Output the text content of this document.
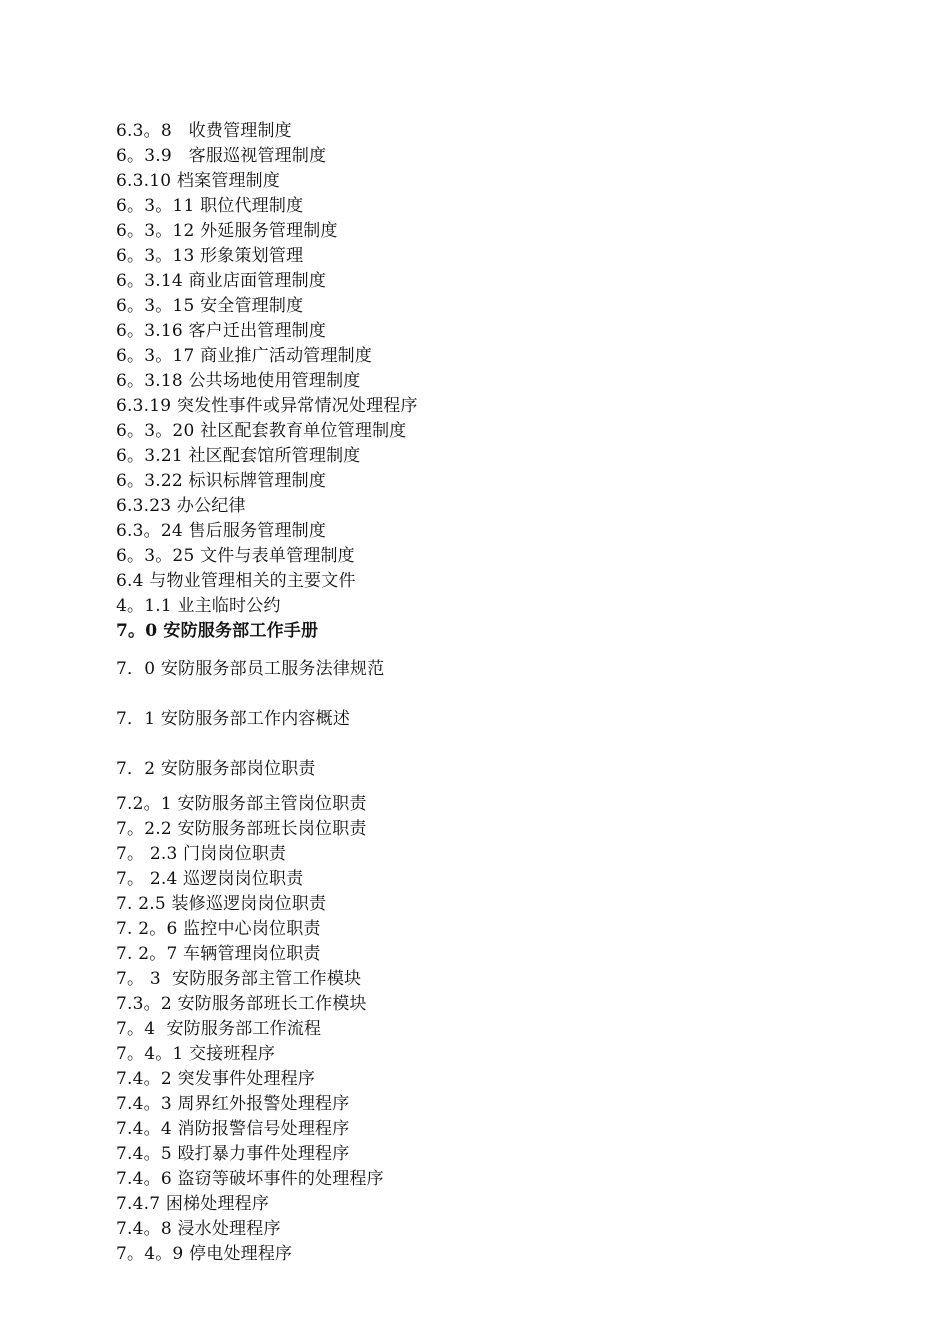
6.3。8   收费管理制度
6。3.9   客服巡视管理制度
6.3.10 档案管理制度
6。3。11 职位代理制度
6。3。12 外延服务管理制度
6。3。13 形象策划管理
6。3.14 商业店面管理制度
6。3。15 安全管理制度
6。3.16 客户迁出管理制度
6。3。17 商业推广活动管理制度
6。3.18 公共场地使用管理制度
6.3.19 突发性事件或异常情况处理程序
6。3。20 社区配套教育单位管理制度
6。3.21 社区配套馆所管理制度
6。3.22 标识标牌管理制度
6.3.23 办公纪律
6.3。24 售后服务管理制度
6。3。25 文件与表单管理制度
6.4 与物业管理相关的主要文件
4。1.1 业主临时公约
7。0 安防服务部工作手册
7．0 安防服务部员工服务法律规范
7．1 安防服务部工作内容概述
7．2 安防服务部岗位职责
7.2。1 安防服务部主管岗位职责
7。2.2 安防服务部班长岗位职责
7。 2.3 门岗岗位职责
7。 2.4 巡逻岗岗位职责
7. 2.5 装修巡逻岗岗位职责
7. 2。6 监控中心岗位职责
7. 2。7 车辆管理岗位职责
7。 3  安防服务部主管工作模块
7.3。2 安防服务部班长工作模块
7。4  安防服务部工作流程
7。4。1 交接班程序
7.4。2 突发事件处理程序
7.4。3 周界红外报警处理程序
7.4。4 消防报警信号处理程序
7.4。5 殴打暴力事件处理程序
7.4。6 盗窃等破坏事件的处理程序
7.4.7 困梯处理程序
7.4。8 浸水处理程序
7。4。9 停电处理程序
